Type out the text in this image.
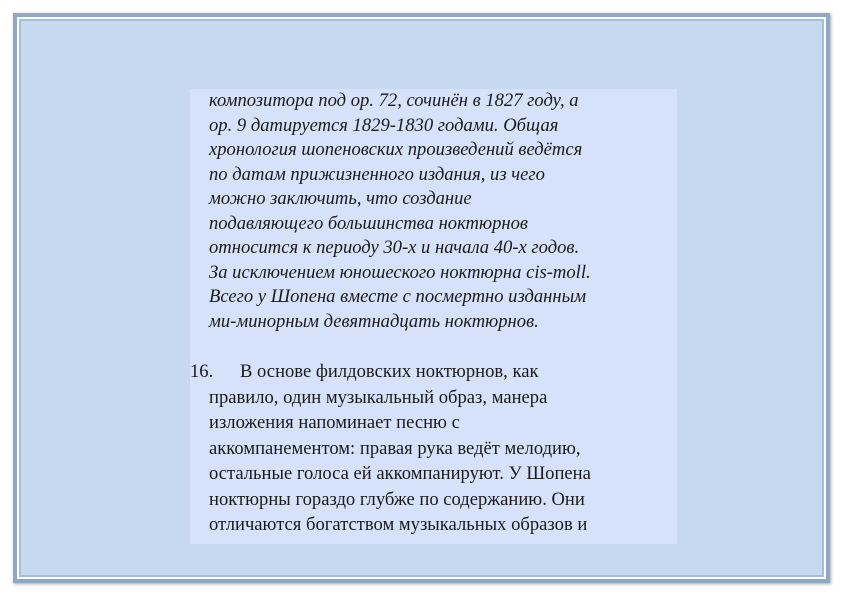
композитора под ор. 72, сочинён в 1827 году, а
ор. 9 датируется 1829-1830 годами. Общая
хронология шопеновских произведений ведётся
по датам прижизненного издания, из чего
можно заключить, что создание
подавляющего большинства ноктюрнов
относится к периоду 30-х и начала 40-х годов.
За исключением юношеского ноктюрна cis-moll.
Всего у Шопена вместе с посмертно изданным
ми-минорным девятнадцать ноктюрнов.
16. В основе филдовских ноктюрнов, как
правило, один музыкальный образ, манера
изложения напоминает песню с
аккомпанементом: правая рука ведёт мелодию,
остальные голоса ей аккомпанируют. У Шопена
ноктюрны гораздо глубже по содержанию. Они
отличаются богатством музыкальных образов и
